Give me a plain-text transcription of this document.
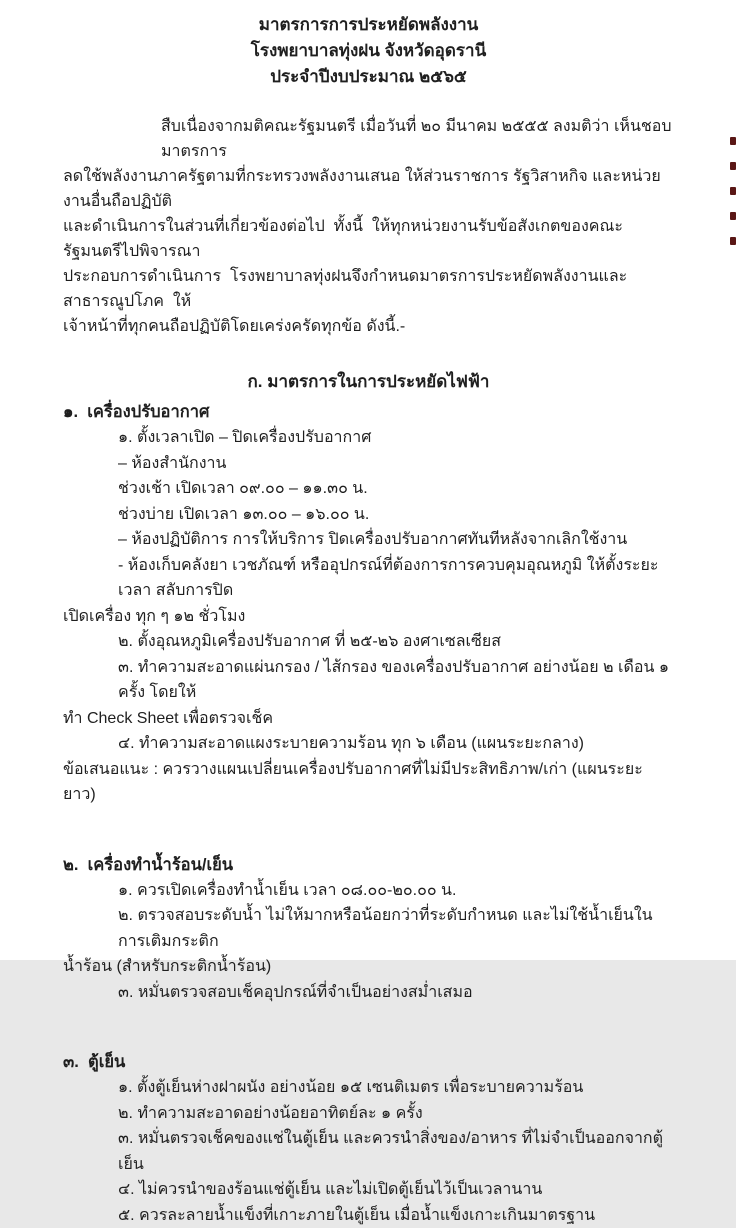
มาตรการการประหยัดพลังงาน
โรงพยาบาลทุ่งฝน จังหวัดอุดรานี
ประจำปีงบประมาณ ๒๕๖๕
สืบเนื่องจากมติคณะรัฐมนตรี เมื่อวันที่ ๒๐ มีนาคม ๒๕๕๕ ลงมติว่า เห็นชอบมาตรการ
ลดใช้พลังงานภาครัฐตามที่กระทรวงพลังงานเสนอ ให้ส่วนราชการ รัฐวิสาหกิจ และหน่วยงานอื่นถือปฏิบัติ
และดำเนินการในส่วนที่เกี่ยวข้องต่อไป  ทั้งนี้  ให้ทุกหน่วยงานรับข้อสังเกตของคณะรัฐมนตรีไปพิจารณา
ประกอบการดำเนินการ  โรงพยาบาลทุ่งฝนจึงกำหนดมาตรการประหยัดพลังงานและสาธารณูปโภค  ให้
เจ้าหน้าที่ทุกคนถือปฏิบัติโดยเคร่งครัดทุกข้อ ดังนี้.-
ก. มาตรการในการประหยัดไฟฟ้า
๑.  เครื่องปรับอากาศ
๑. ตั้งเวลาเปิด – ปิดเครื่องปรับอากาศ
– ห้องสำนักงาน
ช่วงเช้า เปิดเวลา ๐๙.๐๐ – ๑๑.๓๐ น.
ช่วงบ่าย เปิดเวลา ๑๓.๐๐ – ๑๖.๐๐ น.
– ห้องปฏิบัติการ การให้บริการ ปิดเครื่องปรับอากาศทันทีหลังจากเลิกใช้งาน
- ห้องเก็บคลังยา เวชภัณฑ์ หรืออุปกรณ์ที่ต้องการการควบคุมอุณหภูมิ ให้ตั้งระยะเวลา สลับการปิด
เปิดเครื่อง ทุก ๆ ๑๒ ชั่วโมง
๒. ตั้งอุณหภูมิเครื่องปรับอากาศ ที่ ๒๕-๒๖ องศาเซลเซียส
๓. ทำความสะอาดแผ่นกรอง / ไส้กรอง ของเครื่องปรับอากาศ อย่างน้อย ๒ เดือน ๑ ครั้ง โดยให้
ทำ Check Sheet เพื่อตรวจเช็ค
๔. ทำความสะอาดแผงระบายความร้อน ทุก ๖ เดือน (แผนระยะกลาง)
ข้อเสนอแนะ : ควรวางแผนเปลี่ยนเครื่องปรับอากาศที่ไม่มีประสิทธิภาพ/เก่า (แผนระยะยาว)
๒.  เครื่องทำน้ำร้อน/เย็น
๑. ควรเปิดเครื่องทำน้ำเย็น เวลา ๐๘.๐๐-๒๐.๐๐ น.
๒. ตรวจสอบระดับน้ำ ไม่ให้มากหรือน้อยกว่าที่ระดับกำหนด และไม่ใช้น้ำเย็นในการเติมกระติก
น้ำร้อน (สำหรับกระติกน้ำร้อน)
๓. หมั่นตรวจสอบเช็คอุปกรณ์ที่จำเป็นอย่างสม่ำเสมอ
๓.  ตู้เย็น
๑. ตั้งตู้เย็นห่างฝาผนัง อย่างน้อย ๑๕ เซนติเมตร เพื่อระบายความร้อน
๒. ทำความสะอาดอย่างน้อยอาทิตย์ละ ๑ ครั้ง
๓. หมั่นตรวจเช็คของแช่ในตู้เย็น และควรนำสิ่งของ/อาหาร ที่ไม่จำเป็นออกจากตู้เย็น
๔. ไม่ควรนำของร้อนแช่ตู้เย็น และไม่เปิดตู้เย็นไว้เป็นเวลานาน
๕. ควรละลายน้ำแข็งที่เกาะภายในตู้เย็น เมื่อน้ำแข็งเกาะเกินมาตรฐาน
